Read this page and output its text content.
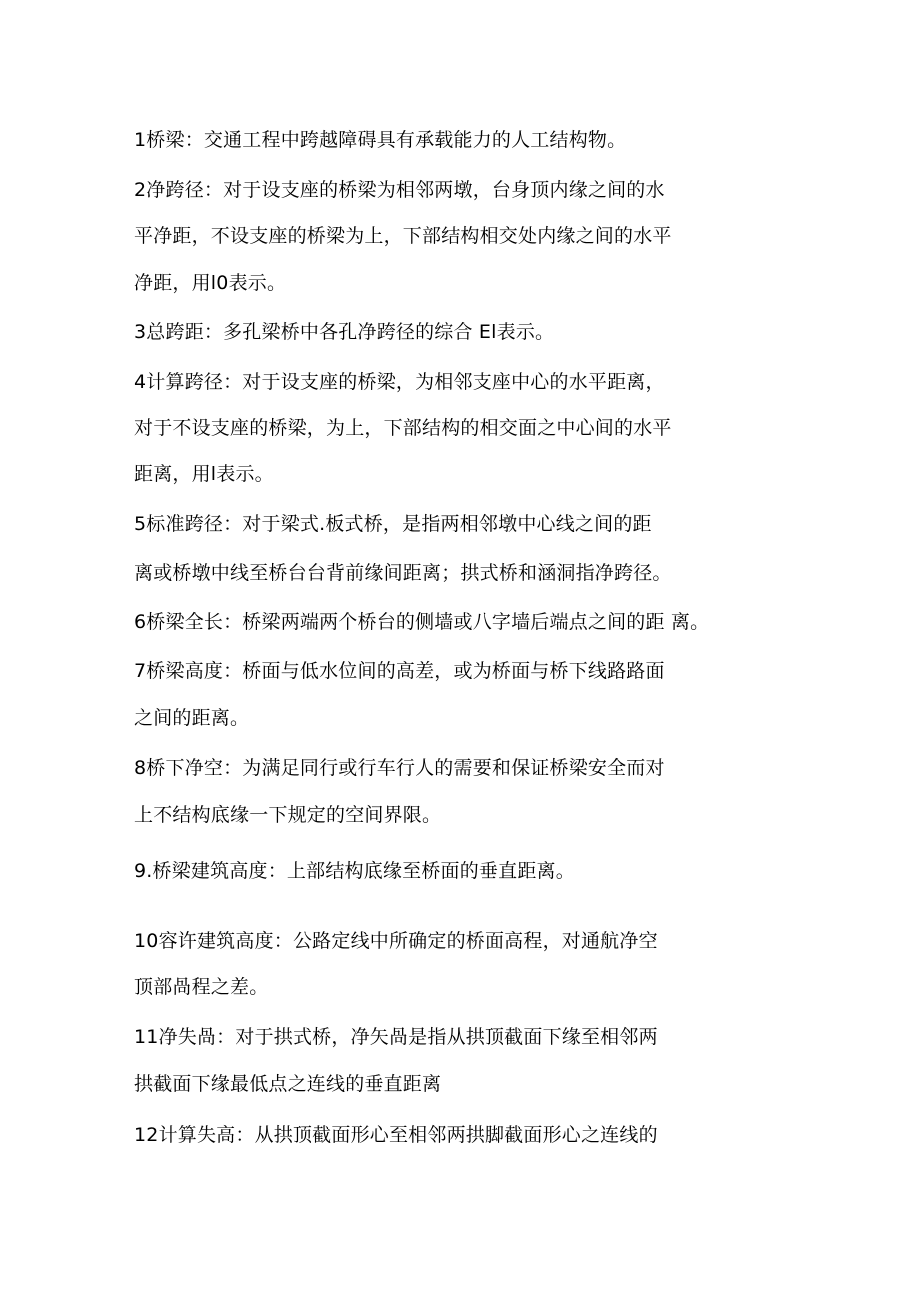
1桥梁：交通工程中跨越障碍具有承载能力的人工结构物。
2净跨径：对于设支座的桥梁为相邻两墩，台身顶内缘之间的水
平净距，不设支座的桥梁为上，下部结构相交处内缘之间的水平
净距，用l0表示。
3总跨距：多孔梁桥中各孔净跨径的综合 El表示。
4计算跨径：对于设支座的桥梁，为相邻支座中心的水平距离，
对于不设支座的桥梁，为上，下部结构的相交面之中心间的水平
距离，用l表示。
5标准跨径：对于梁式.板式桥，是指两相邻墩中心线之间的距
离或桥墩中线至桥台台背前缘间距离；拱式桥和涵洞指净跨径。
6桥梁全长：桥梁两端两个桥台的侧墙或八字墙后端点之间的距 离。
7桥梁高度：桥面与低水位间的高差，或为桥面与桥下线路路面
之间的距离。
8桥下净空：为满足同行或行车行人的需要和保证桥梁安全而对
上不结构底缘一下规定的空间界限。
9.桥梁建筑高度：上部结构底缘至桥面的垂直距离。
10容许建筑高度：公路定线中所确定的桥面高程，对通航净空
顶部咼程之差。
11净失咼：对于拱式桥，净矢咼是指从拱顶截面下缘至相邻两
拱截面下缘最低点之连线的垂直距离
12计算失高：从拱顶截面形心至相邻两拱脚截面形心之连线的
